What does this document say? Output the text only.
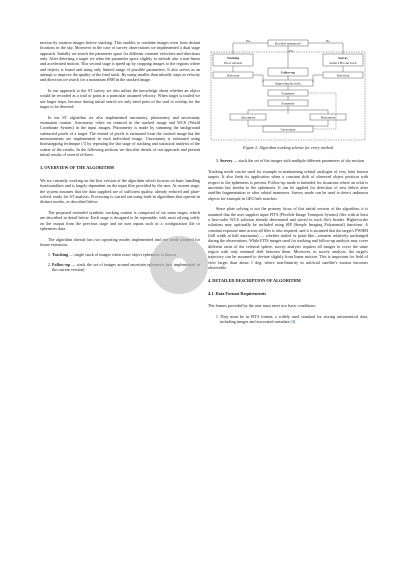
motion by rotation images before stacking. This enables to combine images even from distant locations in the sky. Moreover in the case of survey observations we implemented a dual stage approach. Initially we search the parameter space for different constant velocities and directions only. After detecting a target we relax the parameter space slightly to include also a non-linear and accelerated motion. This second stage is speed up by cropping images to the regions where and objects is found and using only limited range of possible parameters. It also serves as an attempt to improve the quality of the final stack. By using smaller than initially steps in velocity and direction we search for a maximum SNR in the stacked image.

In our approach to the ST survey we also utilize the knowledge about whether an object would be recorded as a trail or point at a particular assumed velocity. When target is trailed we use larger steps, because during initial search we only need parts of the trail to overlap for the target to be detected.

In our ST algorithm we also implemented astrometry, photometry and uncertainty estimation routine. Astrometry relies on centroid in the stacked image and WCS (World Coordinate System) in the input images. Photometry is made by summing the background subtracted pixels of a target. The extend of pixels is estimated from the stacked image but the measurements are implemented in each individual image. Uncertainty is estimated using bootstrapping technique [3] by repeating the last stage of stacking and statistical analysis of the scatter of the results. In the following sections we describe details of our approach and present initial results of several of them.

3. OVERVIEW OF THE ALGORITHM

We are currently working on the first version of the algorithm which focuses on basic handling functionalities and is largely dependent on the input files provided by the user. At current stage, the system assumes that the data supplied are of sufficient quality, already reduced and plate-solved, ready for ST analysis. Processing is carried out using built-in algorithms that operate in distinct modes, as described below.

The proposed extended synthetic tracking routine is composed of six main stages, which are described in detail below. Each stage is designed to be repeatable, with most relying solely on the output from the previous stage and on user inputs such as a configuration file or ephemeris data.

The algorithm already has two operating modes implemented and one mode planned for future extension:

1. Tracking — single stack of images when exact object ephemeris is known
2. Follow-up — stack the set of images around uncertain ephemeris (not implemented in the current version)
Provided ephemeris?
Yes	No
Yes
Tracking
fill of refstack
Survey
initial LHS and stack
Follow-up
Detection	Detection
Improving the track
Parameter
Parameter
Astrometry	Photometry
Uncertainty
Figure 2. Algorithm working scheme for every method
3. Survey — stack the set of the images with multiple different parameters of sky motion

Tracking mode can be used for example in maintaining orbital catalogue of very faint known targets. It also finds its application when a constant shift of observed object position with respect to the ephemeris is present. Follow-up mode is intended for situations where an orbit is uncertain but similar to the ephemeris. It can be applied for detection of new debris after satellite fragmentation or after orbital maneuver. Survey mode can be used to detect unknown objects for example in GEO belt searches.

Since plate solving is not the primary focus of this initial version of the algorithm, it is assumed that the user supplies input FITS (Flexible Image Transport System) files with at least a first-order WCS solution already determined and stored in each file's header. Higher-order solutions may optionally be included using SIP (Simple Imaging Polynomial) functions. A constant exposure time across all files is also required, and it is assumed that the target's FWHM (full width at half maximum) — whether trailed or point-like—remains relatively unchanged during the observations. While FITS images used for tracking and follow-up analysis may cover different areas of the celestial sphere, survey analysis requires all images to cover the same region with only minimal drift between them. Moreover, in survey analysis, the target's trajectory can be assumed to deviate slightly from linear motion. This is important for field of view larger than about 1 deg, where non-linearity in artificial satellite's motion becomes observable.

4. DETAILED DESCRIPTION OF ALGORITHM
4.1. Data Format Requirements

The frames provided by the user must meet two basic conditions:

1. They must be in FITS format, a widely used standard for storing astronomical data, including images and associated metadata [4].
